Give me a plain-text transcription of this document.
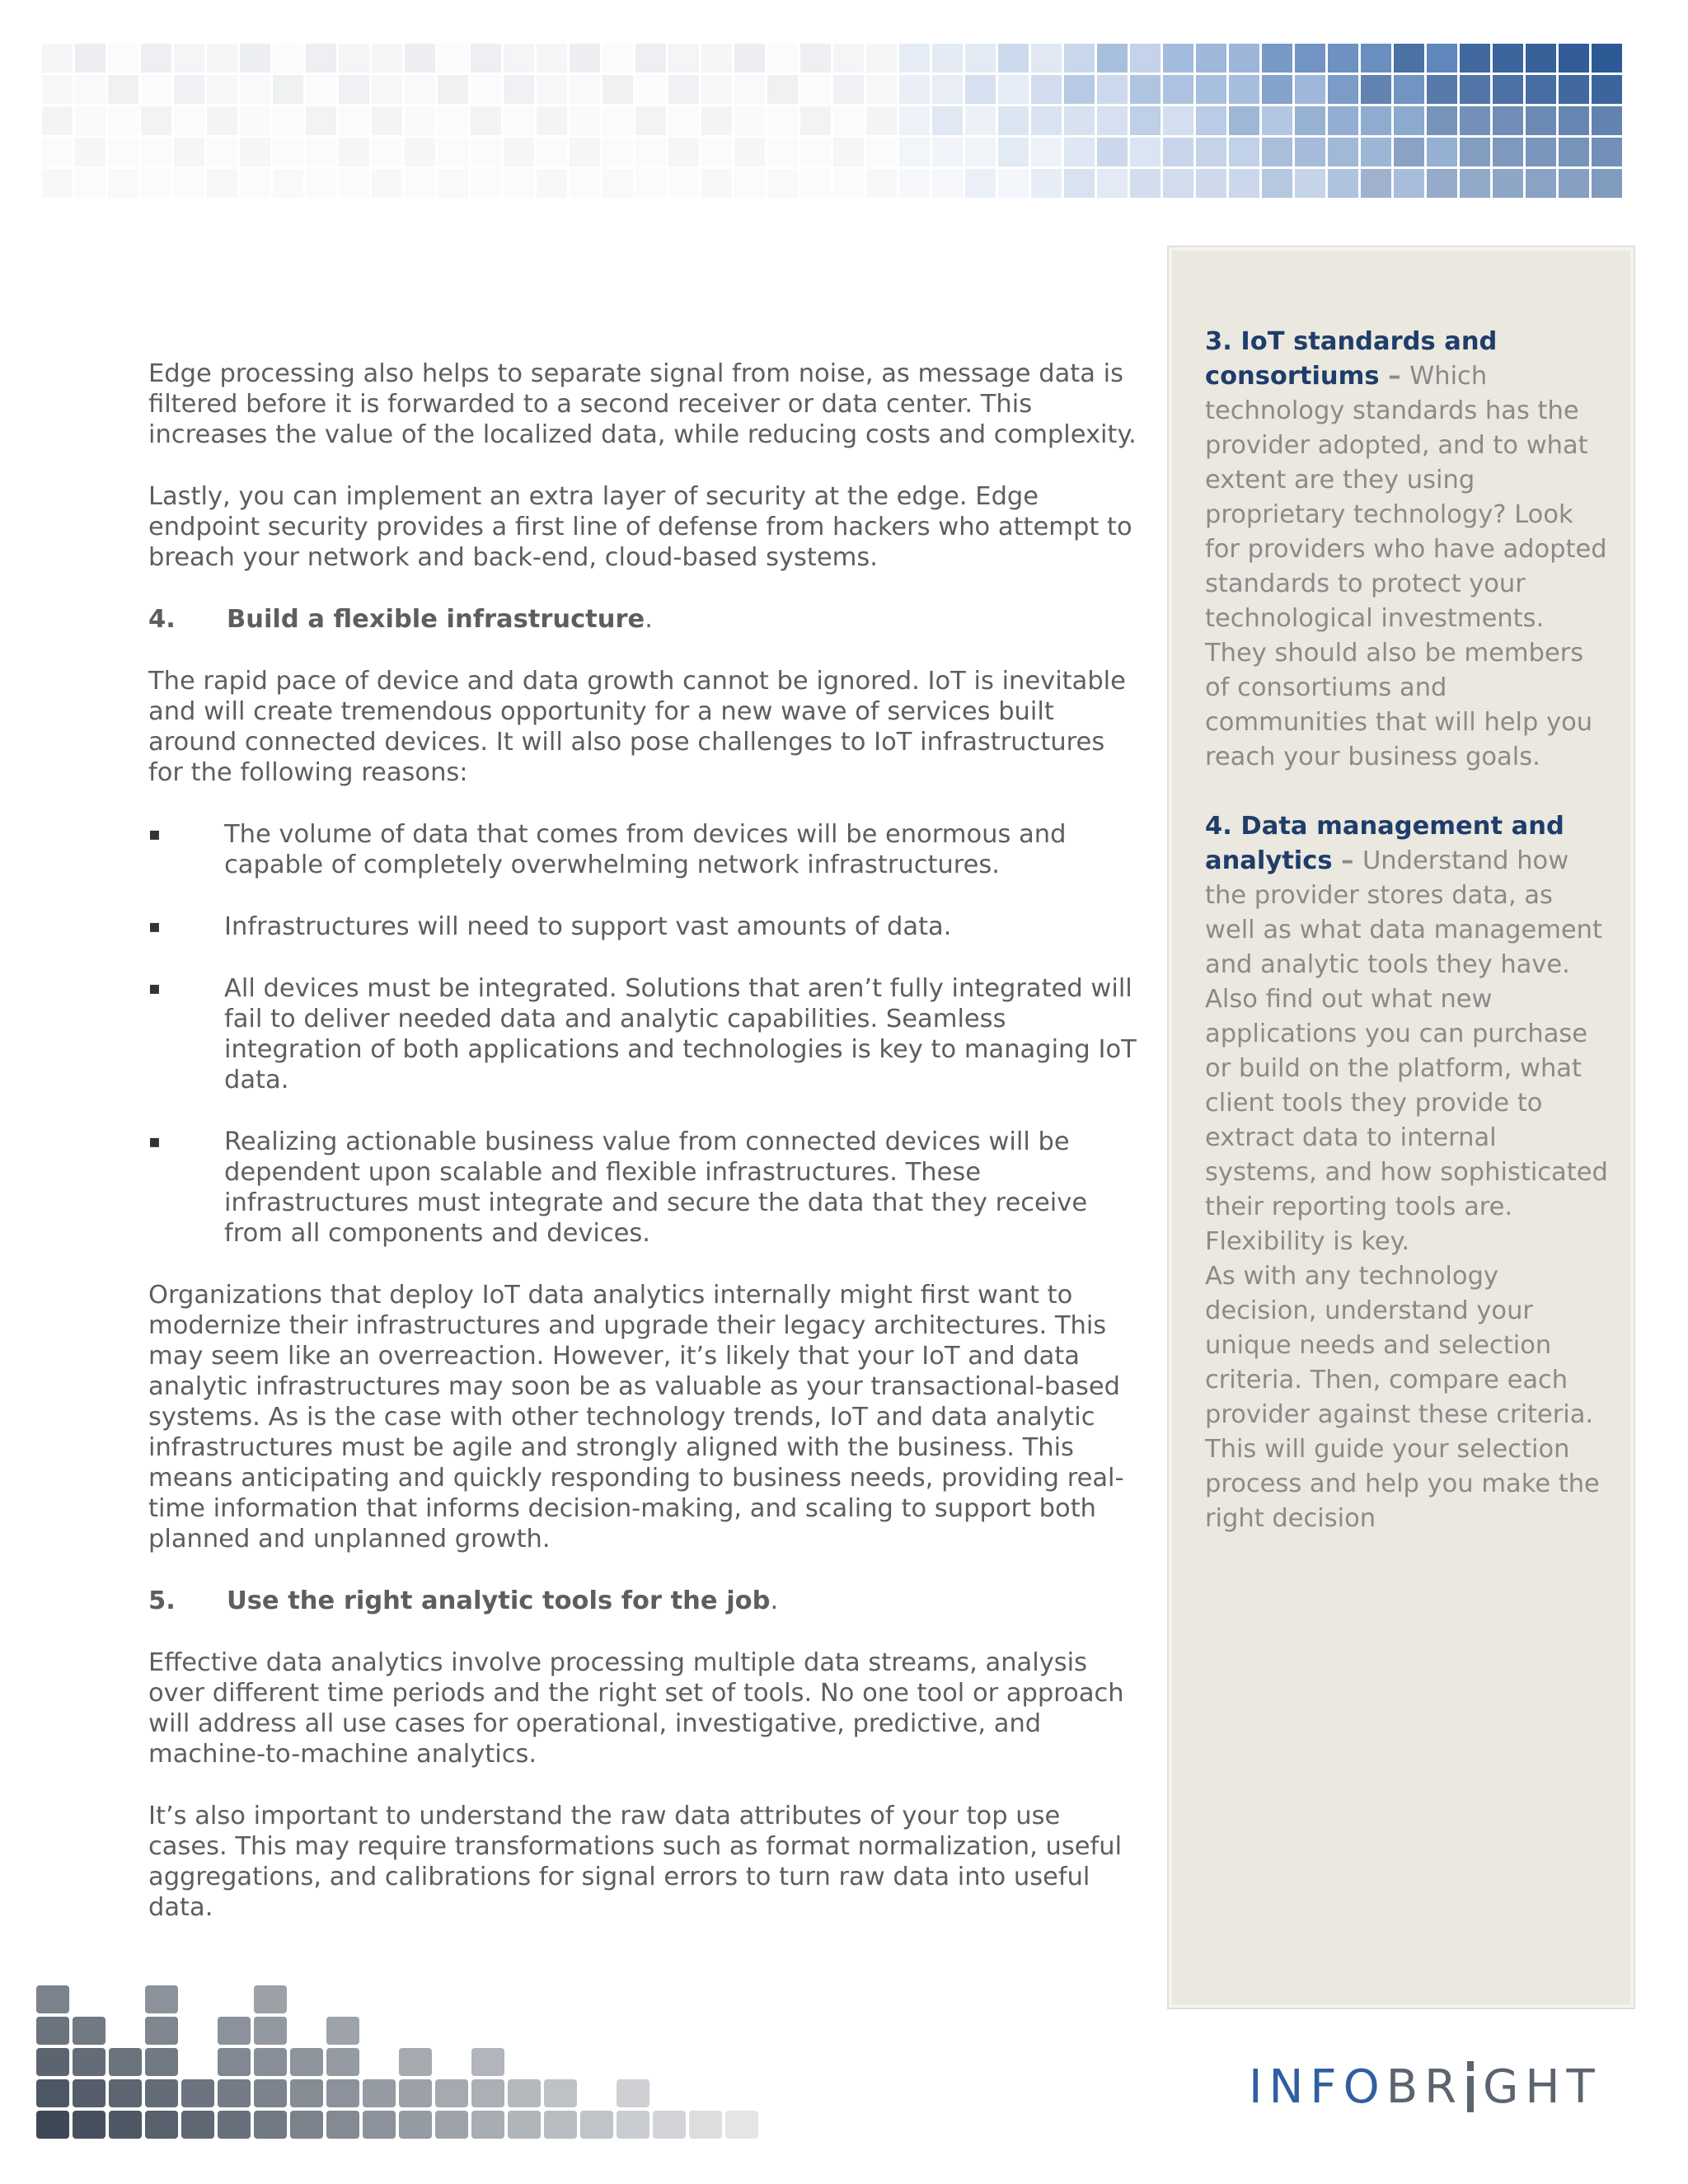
Edge processing also helps to separate signal from noise, as message data is filtered before it is forwarded to a second receiver or data center. This increases the value of the localized data, while reducing costs and complexity.

Lastly, you can implement an extra layer of security at the edge. Edge endpoint security provides a first line of defense from hackers who attempt to breach your network and back-end, cloud-based systems.

4. Build a flexible infrastructure.

The rapid pace of device and data growth cannot be ignored. IoT is inevitable and will create tremendous opportunity for a new wave of services built around connected devices. It will also pose challenges to IoT infrastructures for the following reasons:

▪	The volume of data that comes from devices will be enormous and capable of completely overwhelming network infrastructures.
▪	Infrastructures will need to support vast amounts of data.
▪	All devices must be integrated. Solutions that aren’t fully integrated will fail to deliver needed data and analytic capabilities. Seamless integration of both applications and technologies is key to managing IoT data.
▪	Realizing actionable business value from connected devices will be dependent upon scalable and flexible infrastructures. These infrastructures must integrate and secure the data that they receive from all components and devices.

Organizations that deploy IoT data analytics internally might first want to modernize their infrastructures and upgrade their legacy architectures. This may seem like an overreaction. However, it’s likely that your IoT and data analytic infrastructures may soon be as valuable as your transactional-based systems. As is the case with other technology trends, IoT and data analytic infrastructures must be agile and strongly aligned with the business. This means anticipating and quickly responding to business needs, providing real-time information that informs decision-making, and scaling to support both planned and unplanned growth.

5. Use the right analytic tools for the job.

Effective data analytics involve processing multiple data streams, analysis over different time periods and the right set of tools. No one tool or approach will address all use cases for operational, investigative, predictive, and machine-to-machine analytics.

It’s also important to understand the raw data attributes of your top use cases. This may require transformations such as format normalization, useful aggregations, and calibrations for signal errors to turn raw data into useful data.

3. IoT standards and consortiums – Which technology standards has the provider adopted, and to what extent are they using proprietary technology? Look for providers who have adopted standards to protect your technological investments. They should also be members of consortiums and communities that will help you reach your business goals.

4. Data management and analytics – Understand how the provider stores data, as well as what data management and analytic tools they have. Also find out what new applications you can purchase or build on the platform, what client tools they provide to extract data to internal systems, and how sophisticated their reporting tools are. Flexibility is key.

As with any technology decision, understand your unique needs and selection criteria. Then, compare each provider against these criteria. This will guide your selection process and help you make the right decision

INFOBR GHT
